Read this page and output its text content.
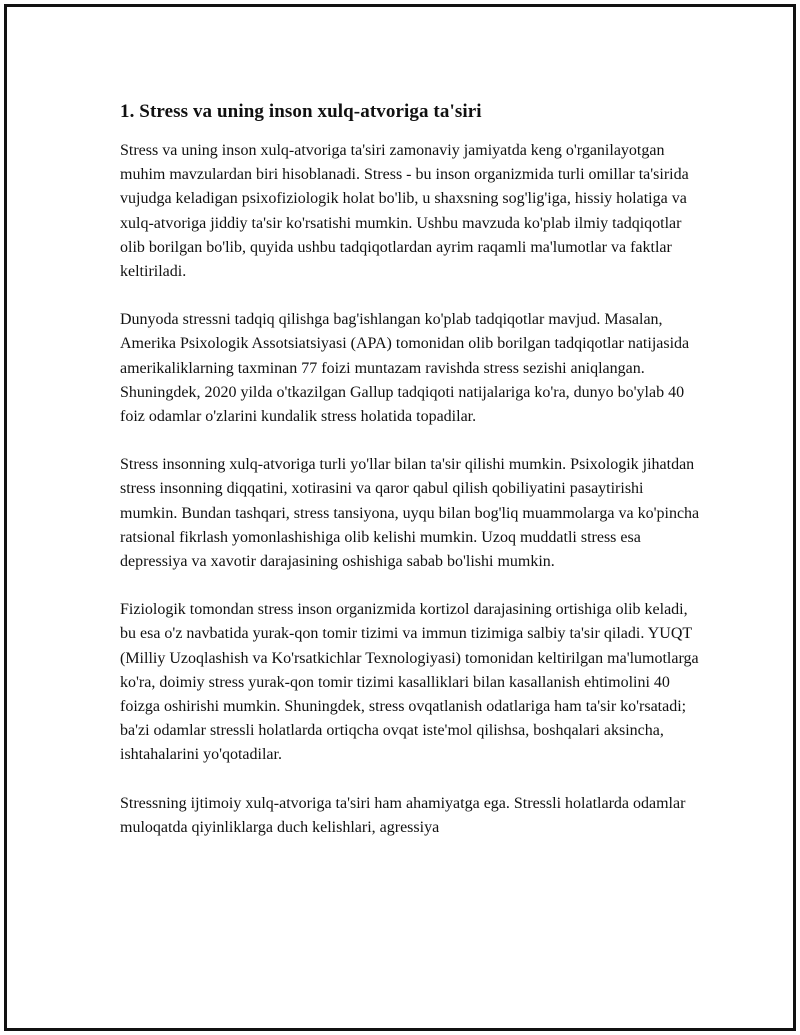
1. Stress va uning inson xulq-atvoriga ta'siri

Stress va uning inson xulq-atvoriga ta'siri zamonaviy jamiyatda keng o'rganilayotgan muhim mavzulardan biri hisoblanadi. Stress - bu inson organizmida turli omillar ta'sirida vujudga keladigan psixofiziologik holat bo'lib, u shaxsning sog'lig'iga, hissiy holatiga va xulq-atvoriga jiddiy ta'sir ko'rsatishi mumkin. Ushbu mavzuda ko'plab ilmiy tadqiqotlar olib borilgan bo'lib, quyida ushbu tadqiqotlardan ayrim raqamli ma'lumotlar va faktlar keltiriladi.

Dunyoda stressni tadqiq qilishga bag'ishlangan ko'plab tadqiqotlar mavjud. Masalan, Amerika Psixologik Assotsiatsiyasi (APA) tomonidan olib borilgan tadqiqotlar natijasida amerikaliklarning taxminan 77 foizi muntazam ravishda stress sezishi aniqlangan. Shuningdek, 2020 yilda o'tkazilgan Gallup tadqiqoti natijalariga ko'ra, dunyo bo'ylab 40 foiz odamlar o'zlarini kundalik stress holatida topadilar.

Stress insonning xulq-atvoriga turli yo'llar bilan ta'sir qilishi mumkin. Psixologik jihatdan stress insonning diqqatini, xotirasini va qaror qabul qilish qobiliyatini pasaytirishi mumkin. Bundan tashqari, stress tansiyona, uyqu bilan bog'liq muammolarga va ko'pincha ratsional fikrlash yomonlashishiga olib kelishi mumkin. Uzoq muddatli stress esa depressiya va xavotir darajasining oshishiga sabab bo'lishi mumkin.

Fiziologik tomondan stress inson organizmida kortizol darajasining ortishiga olib keladi, bu esa o'z navbatida yurak-qon tomir tizimi va immun tizimiga salbiy ta'sir qiladi. YUQT (Milliy Uzoqlashish va Ko'rsatkichlar Texnologiyasi) tomonidan keltirilgan ma'lumotlarga ko'ra, doimiy stress yurak-qon tomir tizimi kasalliklari bilan kasallanish ehtimolini 40 foizga oshirishi mumkin. Shuningdek, stress ovqatlanish odatlariga ham ta'sir ko'rsatadi; ba'zi odamlar stressli holatlarda ortiqcha ovqat iste'mol qilishsa, boshqalari aksincha, ishtahalarini yo'qotadilar.

Stressning ijtimoiy xulq-atvoriga ta'siri ham ahamiyatga ega. Stressli holatlarda odamlar muloqatda qiyinliklarga duch kelishlari, agressiya
